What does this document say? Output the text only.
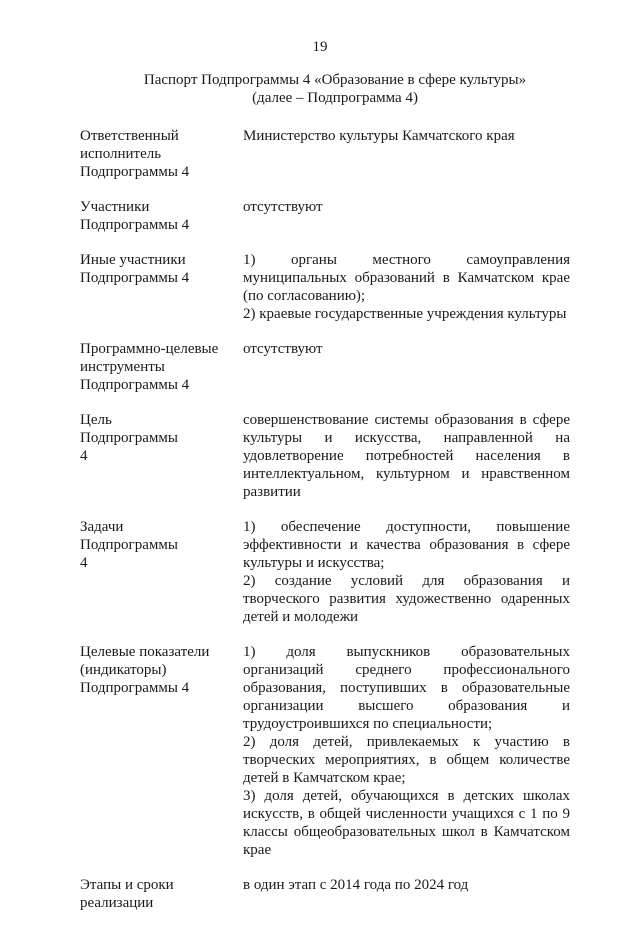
19
Паспорт Подпрограммы 4 «Образование в сфере культуры»
(далее – Подпрограмма 4)
Ответственный исполнитель Подпрограммы 4

Министерство культуры Камчатского края

Участники Подпрограммы 4

отсутствуют

Иные участники Подпрограммы 4

1) органы местного самоуправления муниципальных образований в Камчатском крае (по согласованию);

2) краевые государственные учреждения культуры

Программно-целевые инструменты Подпрограммы 4

отсутствуют

Цель Подпрограммы 4

совершенствование системы образования в сфере культуры и искусства, направленной на удовлетворение потребностей населения в интеллектуальном, культурном и нравственном развитии

Задачи Подпрограммы 4

1) обеспечение доступности, повышение эффективности и качества образования в сфере культуры и искусства;

2) создание условий для образования и творческого развития художественно одаренных детей и молодежи

Целевые показатели (индикаторы) Подпрограммы 4

1) доля выпускников образовательных организаций среднего профессионального образования, поступивших в образовательные организации высшего образования и трудоустроившихся по специальности;

2) доля детей, привлекаемых к участию в творческих мероприятиях, в общем количестве детей в Камчатском крае;

3) доля детей, обучающихся в детских школах искусств, в общей численности учащихся с 1 по 9 классы общеобразовательных школ в Камчатском крае

Этапы и сроки реализации

в один этап с 2014 года по 2024 год
